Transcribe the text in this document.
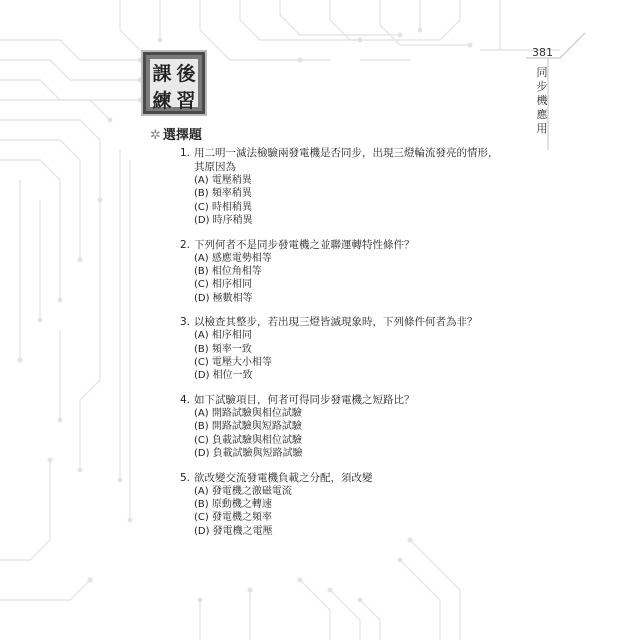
381
同步機應用
課 後
練 習
✲ 選擇題
1. 用二明一滅法檢驗兩發電機是否同步，出現三燈輪流發亮的情形，其原因為
(A) 電壓稍異
(B) 頻率稍異
(C) 時相稍異
(D) 時序稍異
2. 下列何者不是同步發電機之並聯運轉特性條件？
(A) 感應電勢相等
(B) 相位角相等
(C) 相序相同
(D) 極數相等
3. 以檢查其整步，若出現三燈皆滅現象時，下列條件何者為非？
(A) 相序相同
(B) 頻率一致
(C) 電壓大小相等
(D) 相位一致
4. 如下試驗項目，何者可得同步發電機之短路比？
(A) 開路試驗與相位試驗
(B) 開路試驗與短路試驗
(C) 負載試驗與相位試驗
(D) 負載試驗與短路試驗
5. 欲改變交流發電機負載之分配，須改變
(A) 發電機之激磁電流
(B) 原動機之轉速
(C) 發電機之頻率
(D) 發電機之電壓
